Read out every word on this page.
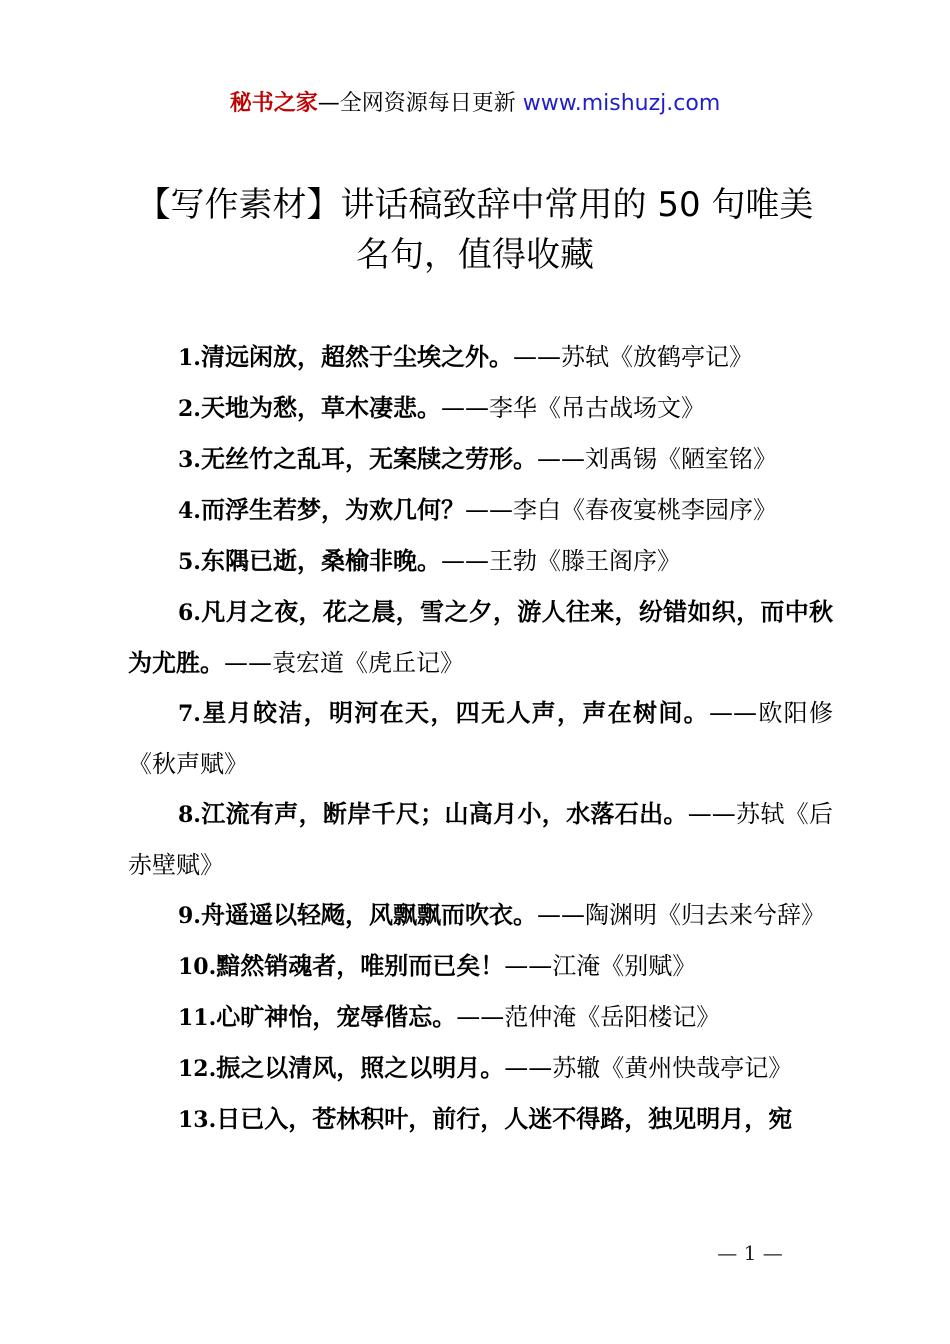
秘书之家—全网资源每日更新 www.mishuzj.com
【写作素材】讲话稿致辞中常用的 50 句唯美
名句，值得收藏

1.清远闲放，超然于尘埃之外。——苏轼《放鹤亭记》

2.天地为愁，草木凄悲。——李华《吊古战场文》

3.无丝竹之乱耳，无案牍之劳形。——刘禹锡《陋室铭》

4.而浮生若梦，为欢几何？——李白《春夜宴桃李园序》

5.东隅已逝，桑榆非晚。——王勃《滕王阁序》

6.凡月之夜，花之晨，雪之夕，游人往来，纷错如织，而中秋为尤胜。——袁宏道《虎丘记》

7.星月皎洁，明河在天，四无人声，声在树间。——欧阳修《秋声赋》

8.江流有声，断岸千尺；山高月小，水落石出。——苏轼《后赤壁赋》

9.舟遥遥以轻飏，风飘飘而吹衣。——陶渊明《归去来兮辞》

10.黯然销魂者，唯别而已矣！——江淹《别赋》

11.心旷神怡，宠辱偕忘。——范仲淹《岳阳楼记》

12.振之以清风，照之以明月。——苏辙《黄州快哉亭记》

13.日已入，苍林积叶，前行，人迷不得路，独见明月，宛

— 1 —
